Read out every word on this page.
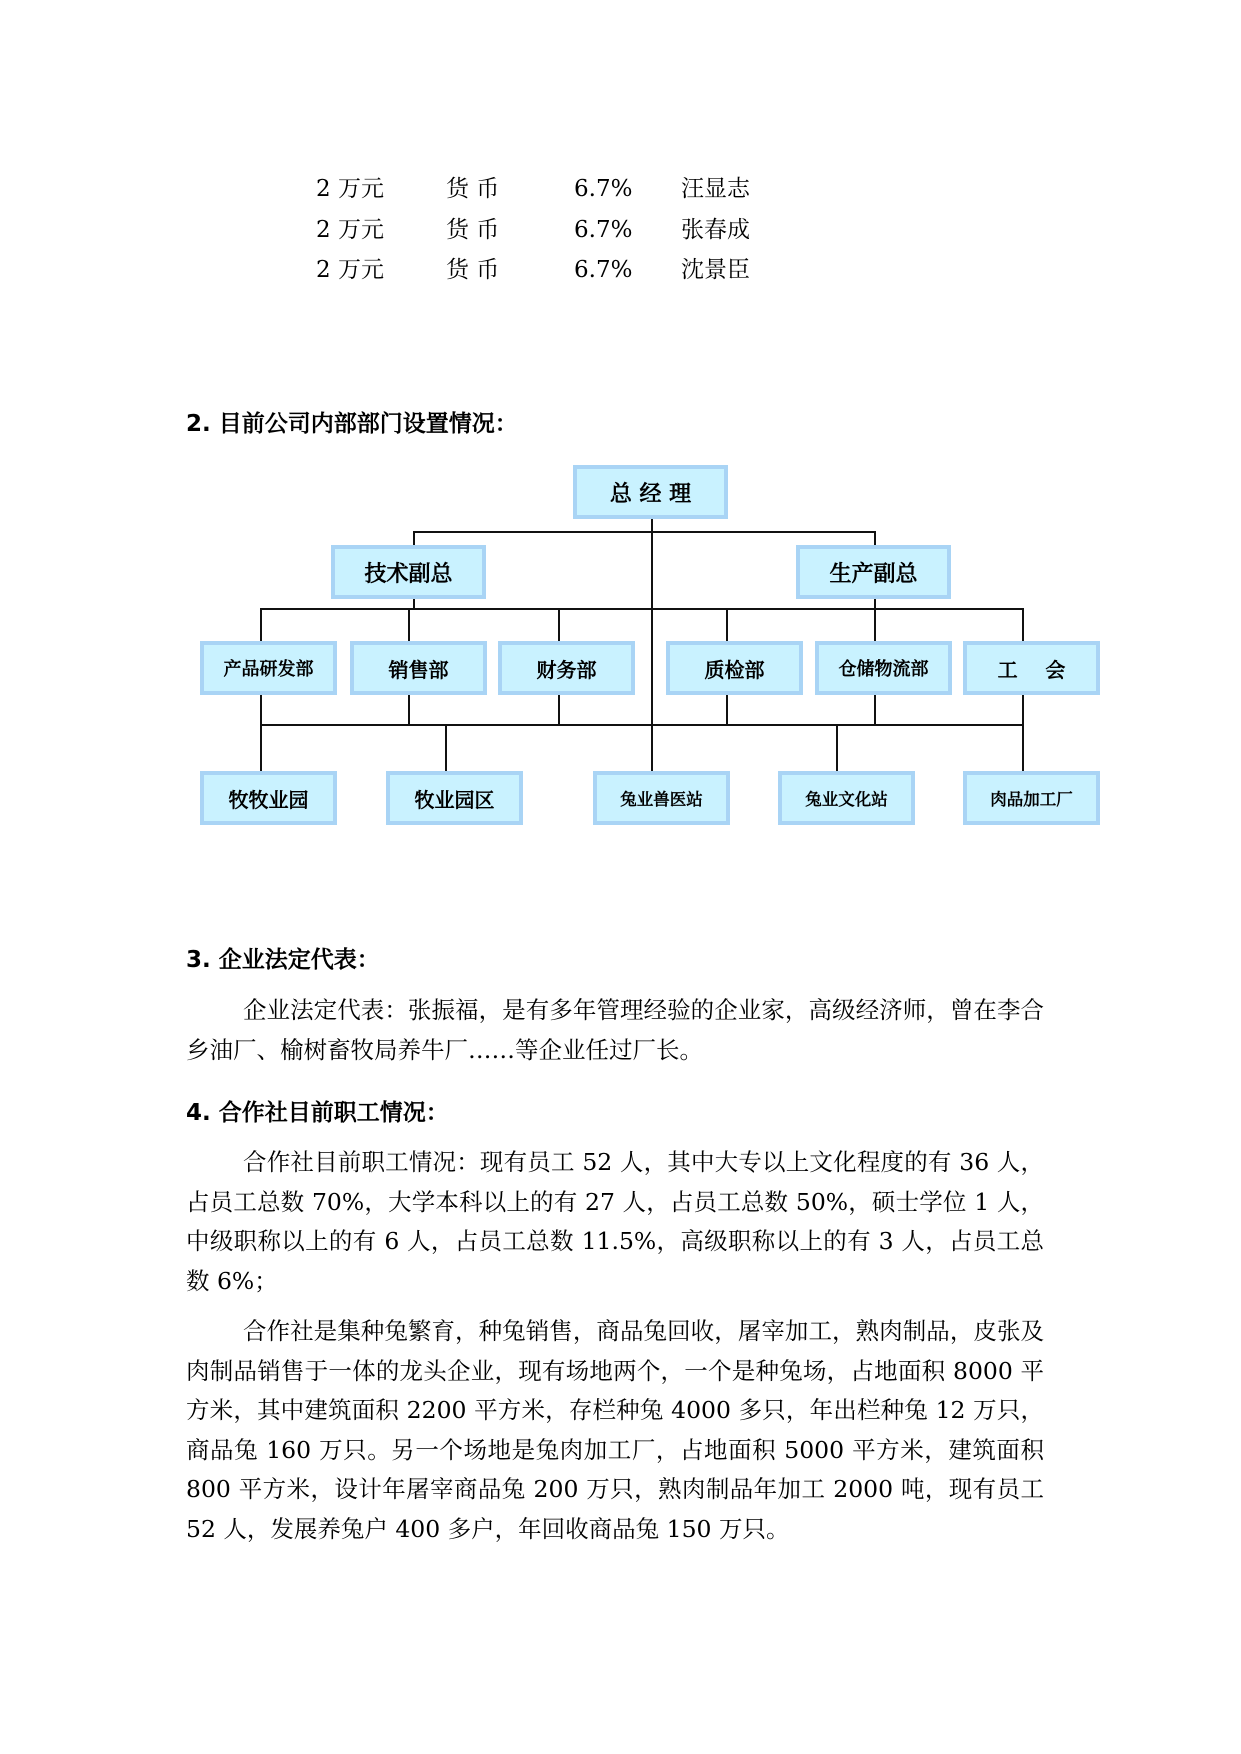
2 万元	货 币	6.7% 汪显志
2 万元	货 币	6.7% 张春成
2 万元	货 币	6.7% 沈景臣
2. 目前公司内部部门设置情况：
总 经 理
技术副总	生产副总
产品研发部	销售部	财务部	质检部	仓储物流部	工    会
牧牧业园	牧业园区	兔业兽医站	兔业文化站	肉品加工厂
3. 企业法定代表：
企业法定代表：张振福，是有多年管理经验的企业家，高级经济师，曾在李合乡油厂、榆树畜牧局养牛厂……等企业任过厂长。
4. 合作社目前职工情况：
合作社目前职工情况：现有员工 52 人，其中大专以上文化程度的有 36 人，占员工总数 70%，大学本科以上的有 27 人，占员工总数 50%，硕士学位 1 人，中级职称以上的有 6 人，占员工总数 11.5%，高级职称以上的有 3 人，占员工总数 6%；
合作社是集种兔繁育，种兔销售，商品兔回收，屠宰加工，熟肉制品，皮张及肉制品销售于一体的龙头企业，现有场地两个，一个是种兔场，占地面积 8000 平方米，其中建筑面积 2200 平方米，存栏种兔 4000 多只，年出栏种兔 12 万只，商品兔 160 万只。另一个场地是兔肉加工厂，占地面积 5000 平方米，建筑面积 800 平方米，设计年屠宰商品兔 200 万只，熟肉制品年加工 2000 吨，现有员工 52 人，发展养兔户 400 多户，年回收商品兔 150 万只。
